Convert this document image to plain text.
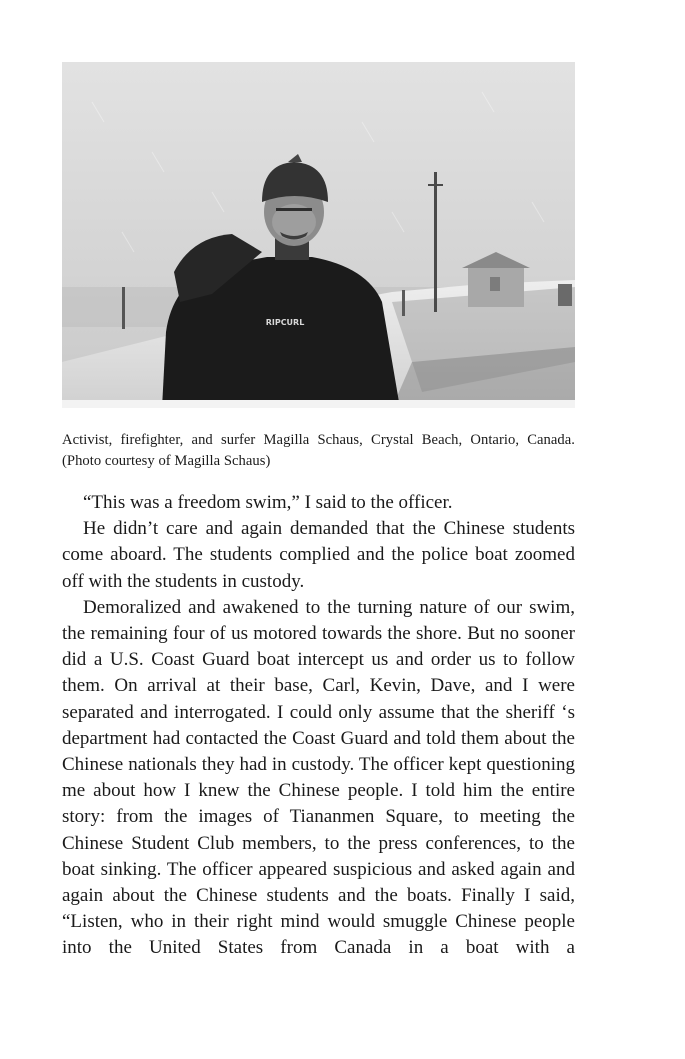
RIPCURL
Activist, firefighter, and surfer Magilla Schaus, Crystal Beach, Ontario, Canada. (Photo courtesy of Magilla Schaus)

“This was a freedom swim,” I said to the officer.

He didn’t care and again demanded that the Chinese students come aboard. The students complied and the police boat zoomed off with the students in custody.

Demoralized and awakened to the turning nature of our swim, the remaining four of us motored towards the shore. But no sooner did a U.S. Coast Guard boat intercept us and order us to follow them. On arrival at their base, Carl, Kevin, Dave, and I were separated and interrogated. I could only assume that the sheriff ‘s department had contacted the Coast Guard and told them about the Chinese nationals they had in custody. The officer kept questioning me about how I knew the Chinese people. I told him the entire story: from the images of Tiananmen Square, to meeting the Chinese Student Club members, to the press conferences, to the boat sinking. The officer appeared suspicious and asked again and again about the Chinese students and the boats. Finally I said, “Listen, who in their right mind would smuggle Chinese people into the United States from Canada in a boat with a
